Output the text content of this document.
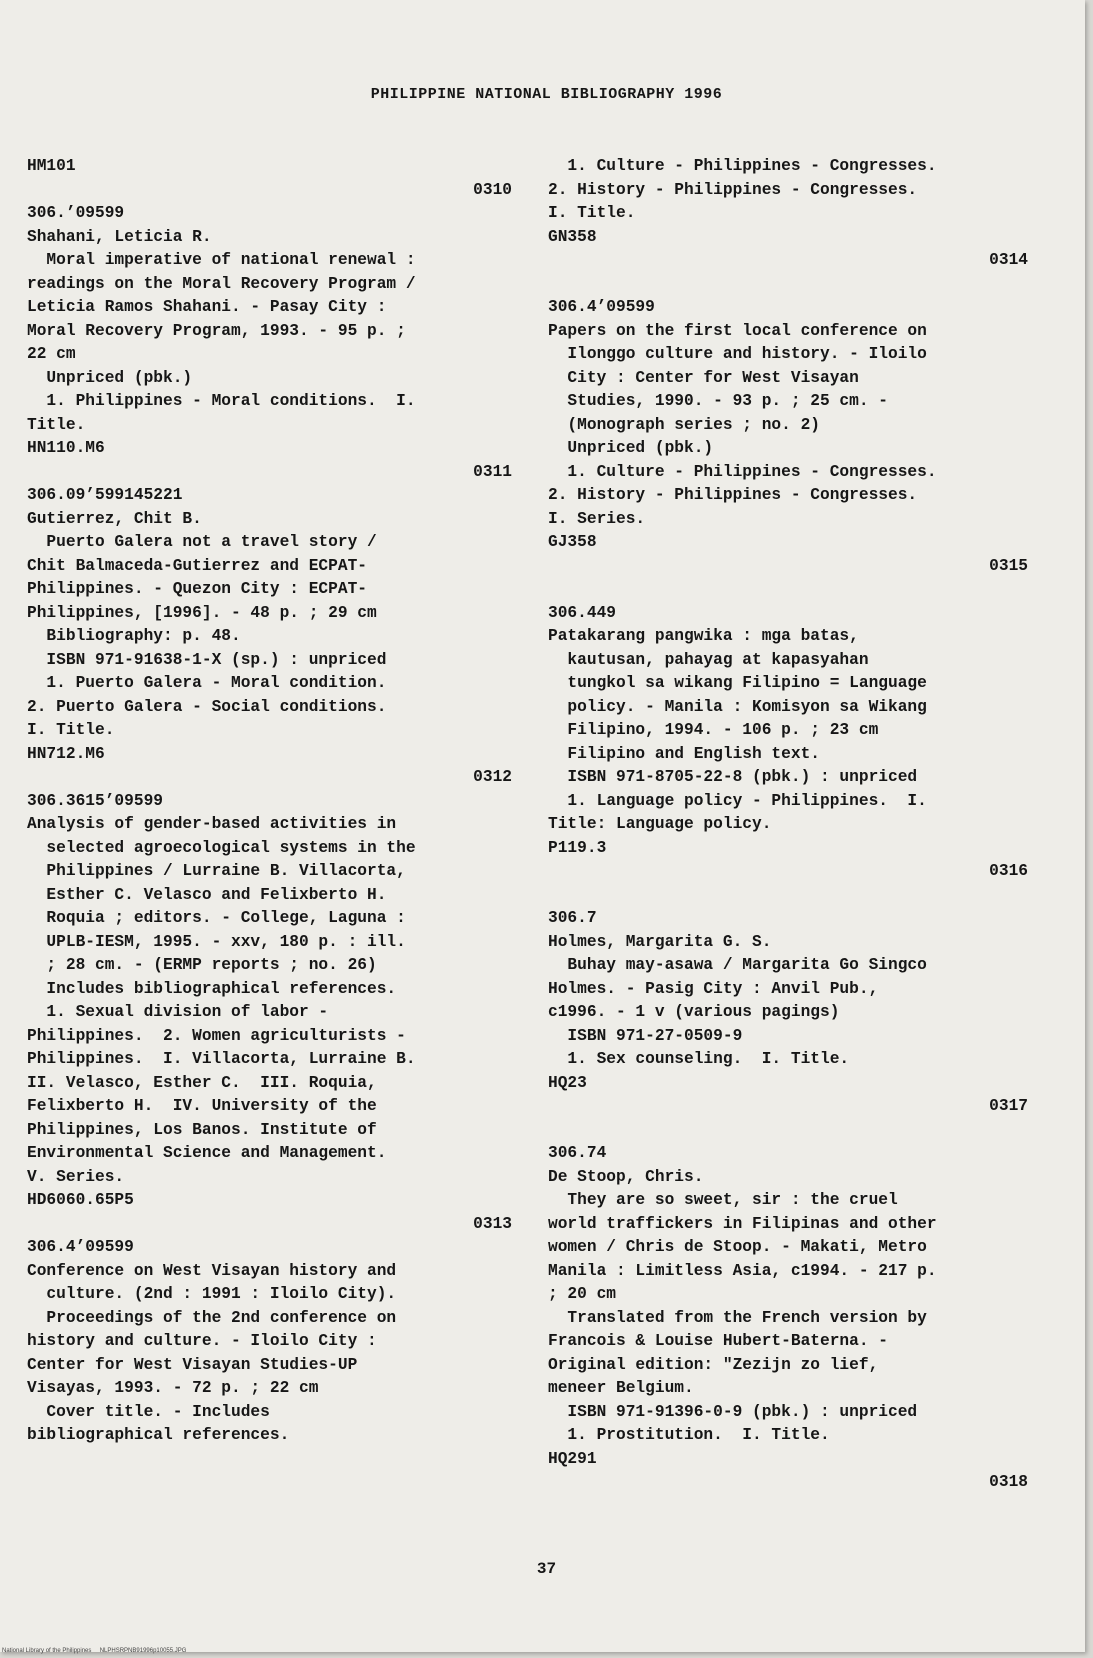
PHILIPPINE NATIONAL BIBLIOGRAPHY 1996
HM101
0310
306.’09599
Shahani, Leticia R.
Moral imperative of national renewal :
readings on the Moral Recovery Program /
Leticia Ramos Shahani. - Pasay City :
Moral Recovery Program, 1993. - 95 p. ;
22 cm
Unpriced (pbk.)
1. Philippines - Moral conditions.  I.
Title.
HN110.M6
0311
306.09’599145221
Gutierrez, Chit B.
Puerto Galera not a travel story /
Chit Balmaceda-Gutierrez and ECPAT-
Philippines. - Quezon City : ECPAT-
Philippines, [1996]. - 48 p. ; 29 cm
Bibliography: p. 48.
ISBN 971-91638-1-X (sp.) : unpriced
1. Puerto Galera - Moral condition.
2. Puerto Galera - Social conditions.
I. Title.
HN712.M6
0312
306.3615’09599
Analysis of gender-based activities in
selected agroecological systems in the
Philippines / Lurraine B. Villacorta,
Esther C. Velasco and Felixberto H.
Roquia ; editors. - College, Laguna :
UPLB-IESM, 1995. - xxv, 180 p. : ill.
; 28 cm. - (ERMP reports ; no. 26)
Includes bibliographical references.
1. Sexual division of labor -
Philippines.  2. Women agriculturists -
Philippines.  I. Villacorta, Lurraine B.
II. Velasco, Esther C.  III. Roquia,
Felixberto H.  IV. University of the
Philippines, Los Banos. Institute of
Environmental Science and Management.
V. Series.
HD6060.65P5
0313
306.4’09599
Conference on West Visayan history and
culture. (2nd : 1991 : Iloilo City).
Proceedings of the 2nd conference on
history and culture. - Iloilo City :
Center for West Visayan Studies-UP
Visayas, 1993. - 72 p. ; 22 cm
Cover title. - Includes
bibliographical references.
1. Culture - Philippines - Congresses.
2. History - Philippines - Congresses.
I. Title.
GN358
0314

306.4’09599
Papers on the first local conference on
Ilonggo culture and history. - Iloilo
City : Center for West Visayan
Studies, 1990. - 93 p. ; 25 cm. -
(Monograph series ; no. 2)
Unpriced (pbk.)
1. Culture - Philippines - Congresses.
2. History - Philippines - Congresses.
I. Series.
GJ358
0315

306.449
Patakarang pangwika : mga batas,
kautusan, pahayag at kapasyahan
tungkol sa wikang Filipino = Language
policy. - Manila : Komisyon sa Wikang
Filipino, 1994. - 106 p. ; 23 cm
Filipino and English text.
ISBN 971-8705-22-8 (pbk.) : unpriced
1. Language policy - Philippines.  I.
Title: Language policy.
P119.3
0316

306.7
Holmes, Margarita G. S.
Buhay may-asawa / Margarita Go Singco
Holmes. - Pasig City : Anvil Pub.,
c1996. - 1 v (various pagings)
ISBN 971-27-0509-9
1. Sex counseling.  I. Title.
HQ23
0317

306.74
De Stoop, Chris.
They are so sweet, sir : the cruel
world traffickers in Filipinas and other
women / Chris de Stoop. - Makati, Metro
Manila : Limitless Asia, c1994. - 217 p.
; 20 cm
Translated from the French version by
Francois & Louise Hubert-Baterna. -
Original edition: "Zezijn zo lief,
meneer Belgium.
ISBN 971-91396-0-9 (pbk.) : unpriced
1. Prostitution.  I. Title.
HQ291
0318
37
National Library of the Philippines     NLPHSRPNB91996p10055.JPG
